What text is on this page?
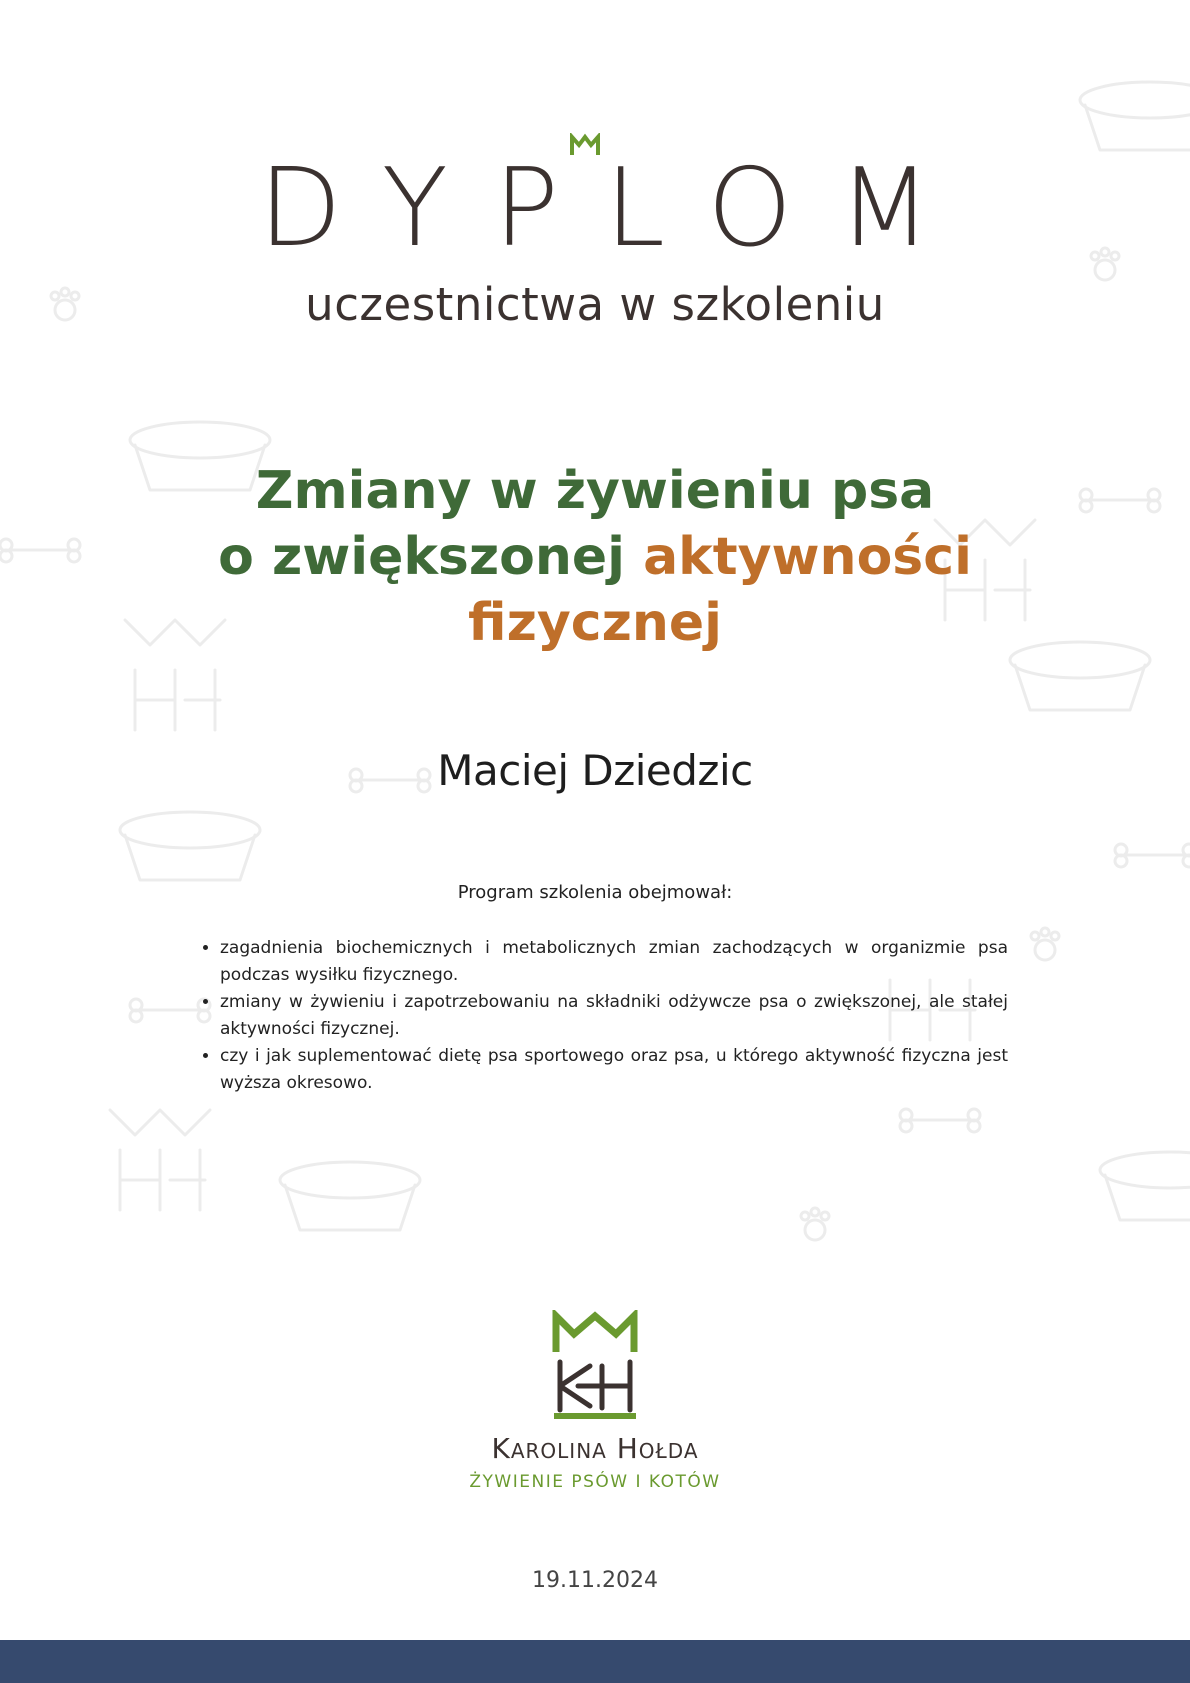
DYPLOM
uczestnictwa w szkoleniu
Zmiany w żywieniu psa
o zwiększonej aktywności
fizycznej
Maciej Dziedzic
Program szkolenia obejmował:
• zagadnienia biochemicznych i metabolicznych zmian zachodzących w organizmie psa podczas wysiłku fizycznego.
• zmiany w żywieniu i zapotrzebowaniu na składniki odżywcze psa o zwiększonej, ale stałej aktywności fizycznej.
• czy i jak suplementować dietę psa sportowego oraz psa, u którego aktywność fizyczna jest wyższa okresowo.
Karolina Hołda
ŻYWIENIE PSÓW I KOTÓW
19.11.2024
